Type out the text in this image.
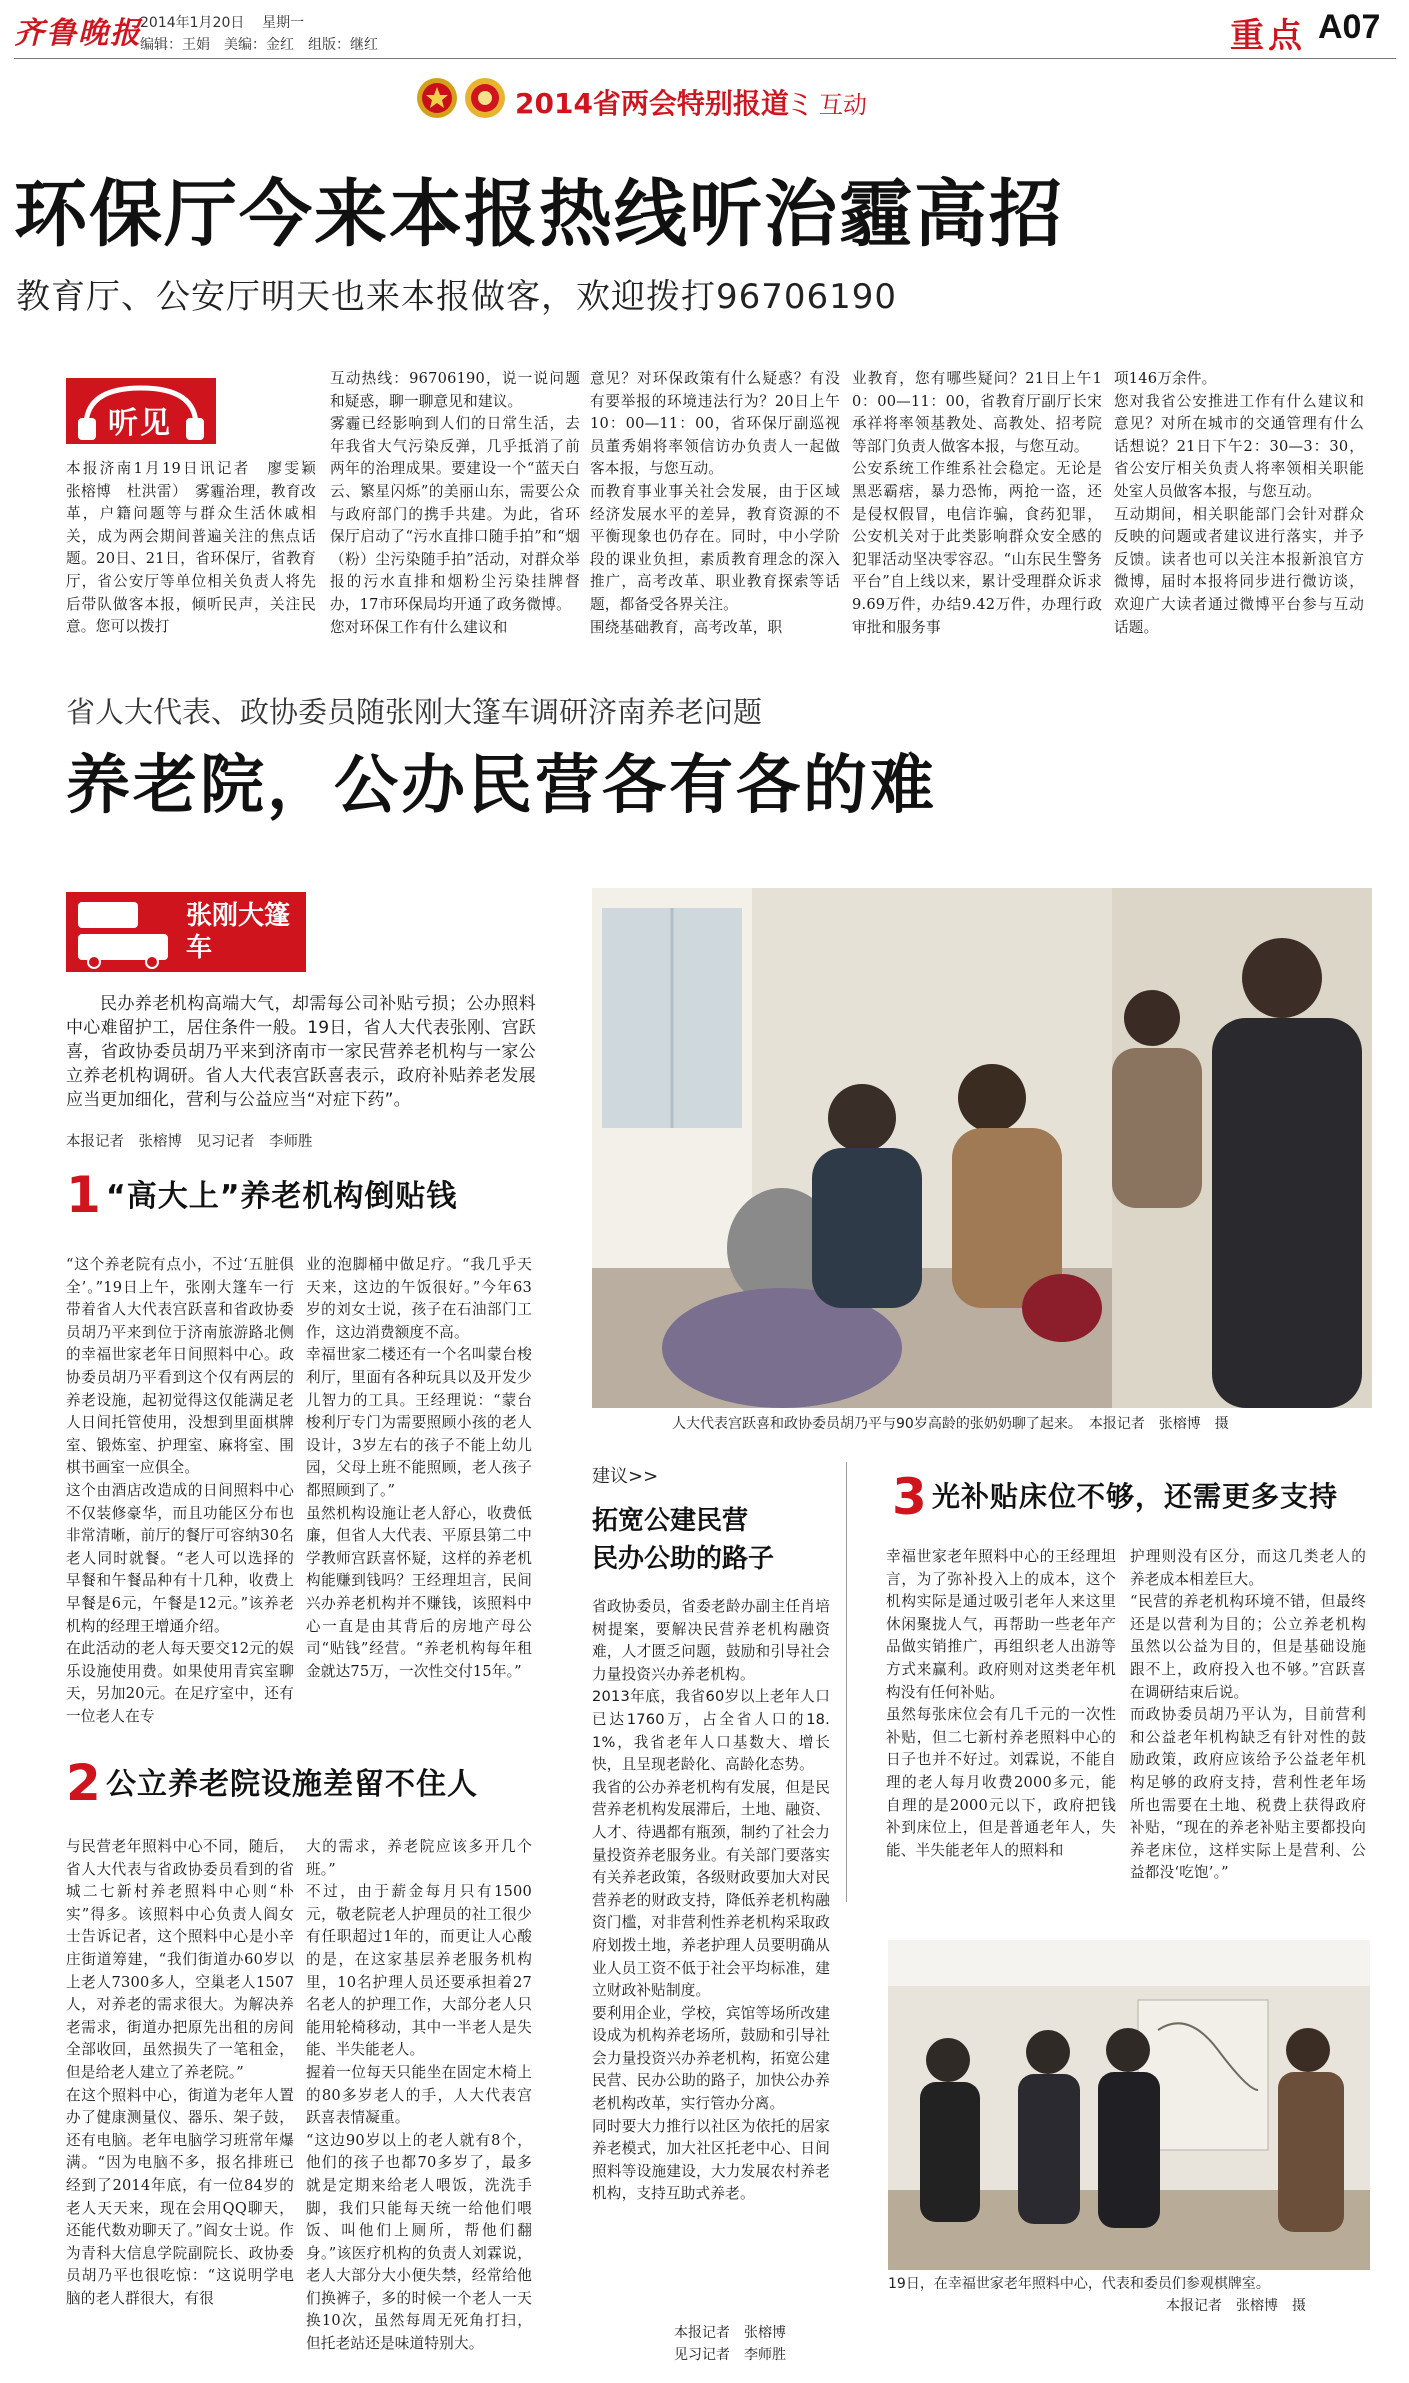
齐鲁晚报
2014年1月20日 星期一
编辑：王娟　美编：金红　组版：继红	重点 A07
2014省两会特别报道
ミ 互动
环保厅今来本报热线听治霾高招
教育厅、公安厅明天也来本报做客，欢迎拨打96706190
听见
本报济南1月19日讯记者　廖雯颖　张榕博　杜洪雷）　雾霾治理，教育改革，户籍问题等与群众生活休戚相关，成为两会期间普遍关注的焦点话题。20日、21日，省环保厅，省教育厅，省公安厅等单位相关负责人将先后带队做客本报，倾听民声，关注民意。您可以拨打
互动热线：96706190，说一说问题和疑惑，聊一聊意见和建议。
雾霾已经影响到人们的日常生活，去年我省大气污染反弹，几乎抵消了前两年的治理成果。要建设一个“蓝天白云、繁星闪烁”的美丽山东，需要公众与政府部门的携手共建。为此，省环保厅启动了“污水直排口随手拍”和“烟（粉）尘污染随手拍”活动，对群众举报的污水直排和烟粉尘污染挂牌督办，17市环保局均开通了政务微博。
您对环保工作有什么建议和
意见？对环保政策有什么疑惑？有没有要举报的环境违法行为？20日上午10：00—11：00，省环保厅副巡视员董秀娟将率领信访办负责人一起做客本报，与您互动。
而教育事业事关社会发展，由于区域经济发展水平的差异，教育资源的不平衡现象也仍存在。同时，中小学阶段的课业负担，素质教育理念的深入推广，高考改革、职业教育探索等话题，都备受各界关注。
围绕基础教育，高考改革，职
业教育，您有哪些疑问？21日上午10：00—11：00，省教育厅副厅长宋承祥将率领基教处、高教处、招考院等部门负责人做客本报，与您互动。
公安系统工作维系社会稳定。无论是黑恶霸痞，暴力恐怖，两抢一盗，还是侵权假冒，电信诈骗，食药犯罪，公安机关对于此类影响群众安全感的犯罪活动坚决零容忍。“山东民生警务平台”自上线以来，累计受理群众诉求9.69万件，办结9.42万件，办理行政审批和服务事
项146万余件。
您对我省公安推进工作有什么建议和意见？对所在城市的交通管理有什么话想说？21日下午2：30—3：30，省公安厅相关负责人将率领相关职能处室人员做客本报，与您互动。
互动期间，相关职能部门会针对群众反映的问题或者建议进行落实，并予反馈。读者也可以关注本报新浪官方微博，届时本报将同步进行微访谈，欢迎广大读者通过微博平台参与互动话题。
省人大代表、政协委员随张刚大篷车调研济南养老问题
养老院，公办民营各有各的难
张刚大篷车
民办养老机构高端大气，却需每公司补贴亏损；公办照料中心难留护工，居住条件一般。19日，省人大代表张刚、宫跃喜，省政协委员胡乃平来到济南市一家民营养老机构与一家公立养老机构调研。省人大代表宫跃喜表示，政府补贴养老发展应当更加细化，营利与公益应当“对症下药”。
本报记者　张榕博　见习记者　李师胜
1 “高大上”养老机构倒贴钱
“这个养老院有点小，不过‘五脏俱全’。”19日上午，张刚大篷车一行带着省人大代表宫跃喜和省政协委员胡乃平来到位于济南旅游路北侧的幸福世家老年日间照料中心。政协委员胡乃平看到这个仅有两层的养老设施，起初觉得这仅能满足老人日间托管使用，没想到里面棋牌室、锻炼室、护理室、麻将室、围棋书画室一应俱全。
这个由酒店改造成的日间照料中心不仅装修豪华，而且功能区分布也非常清晰，前厅的餐厅可容纳30名老人同时就餐。“老人可以选择的早餐和午餐品种有十几种，收费上早餐是6元，午餐是12元。”该养老机构的经理王增通介绍。
在此活动的老人每天要交12元的娱乐设施使用费。如果使用青宾室聊天，另加20元。在足疗室中，还有一位老人在专
业的泡脚桶中做足疗。“我几乎天天来，这边的午饭很好。”今年63岁的刘女士说，孩子在石油部门工作，这边消费额度不高。
幸福世家二楼还有一个名叫蒙台梭利厅，里面有各种玩具以及开发少儿智力的工具。王经理说：“蒙台梭利厅专门为需要照顾小孩的老人设计，3岁左右的孩子不能上幼儿园，父母上班不能照顾，老人孩子都照顾到了。”
虽然机构设施让老人舒心，收费低廉，但省人大代表、平原县第二中学教师宫跃喜怀疑，这样的养老机构能赚到钱吗？王经理坦言，民间兴办养老机构并不赚钱，该照料中心一直是由其背后的房地产母公司“贴钱”经营。“养老机构每年租金就达75万，一次性交付15年。”
2 公立养老院设施差留不住人
与民营老年照料中心不同，随后，省人大代表与省政协委员看到的省城二七新村养老照料中心则“朴实”得多。该照料中心负责人阎女士告诉记者，这个照料中心是小辛庄街道筹建，“我们街道办60岁以上老人7300多人，空巢老人1507人，对养老的需求很大。为解决养老需求，街道办把原先出租的房间全部收回，虽然损失了一笔租金，但是给老人建立了养老院。”
在这个照料中心，街道为老年人置办了健康测量仪、器乐、架子鼓，还有电脑。老年电脑学习班常年爆满。“因为电脑不多，报名排班已经到了2014年底，有一位84岁的老人天天来，现在会用QQ聊天，还能代数劝聊天了。”阎女士说。作为青科大信息学院副院长、政协委员胡乃平也很吃惊：“这说明学电脑的老人群很大，有很
大的需求，养老院应该多开几个班。”
不过，由于薪金每月只有1500元，敬老院老人护理员的社工很少有任职超过1年的，而更让人心酸的是，在这家基层养老服务机构里，10名护理人员还要承担着27名老人的护理工作，大部分老人只能用轮椅移动，其中一半老人是失能、半失能老人。
握着一位每天只能坐在固定木椅上的80多岁老人的手，人大代表宫跃喜表情凝重。
“这边90岁以上的老人就有8个，他们的孩子也都70多岁了，最多就是定期来给老人喂饭，洗洗手脚，我们只能每天统一给他们喂饭、叫他们上厕所，帮他们翻身。”该医疗机构的负责人刘霖说，老人大部分大小便失禁，经常给他们换裤子，多的时候一个老人一天换10次，虽然每周无死角打扫，但托老站还是味道特别大。
人大代表宫跃喜和政协委员胡乃平与90岁高龄的张奶奶聊了起来。　本报记者　张榕博　摄
建议>>
拓宽公建民营
民办公助的路子
省政协委员，省委老龄办副主任肖培树提案，要解决民营养老机构融资难，人才匮乏问题，鼓励和引导社会力量投资兴办养老机构。
2013年底，我省60岁以上老年人口已达1760万，占全省人口的18.1%，我省老年人口基数大、增长快，且呈现老龄化、高龄化态势。
我省的公办养老机构有发展，但是民营养老机构发展滞后，土地、融资、人才、待遇都有瓶颈，制约了社会力量投资养老服务业。有关部门要落实有关养老政策，各级财政要加大对民营养老的财政支持，降低养老机构融资门槛，对非营利性养老机构采取政府划拨土地，养老护理人员要明确从业人员工资不低于社会平均标准，建立财政补贴制度。
要利用企业，学校，宾馆等场所改建设成为机构养老场所，鼓励和引导社会力量投资兴办养老机构，拓宽公建民营、民办公助的路子，加快公办养老机构改革，实行管办分离。
同时要大力推行以社区为依托的居家养老模式，加大社区托老中心、日间照料等设施建设，大力发展农村养老机构，支持互助式养老。
本报记者　张榕博
见习记者　李师胜
3 光补贴床位不够，还需更多支持
幸福世家老年照料中心的王经理坦言，为了弥补投入上的成本，这个机构实际是通过吸引老年人来这里休闲聚拢人气，再帮助一些老年产品做实销推广，再组织老人出游等方式来赢利。政府则对这类老年机构没有任何补贴。
虽然每张床位会有几千元的一次性补贴，但二七新村养老照料中心的日子也并不好过。刘霖说，不能自理的老人每月收费2000多元，能自理的是2000元以下，政府把钱补到床位上，但是普通老年人，失能、半失能老年人的照料和
护理则没有区分，而这几类老人的养老成本相差巨大。
“民营的养老机构环境不错，但最终还是以营利为目的；公立养老机构虽然以公益为目的，但是基础设施跟不上，政府投入也不够。”宫跃喜在调研结束后说。
而政协委员胡乃平认为，目前营利和公益老年机构缺乏有针对性的鼓励政策，政府应该给予公益老年机构足够的政府支持，营利性老年场所也需要在土地、税费上获得政府补贴，“现在的养老补贴主要都投向养老床位，这样实际上是营利、公益都没‘吃饱’。”
19日，在幸福世家老年照料中心，代表和委员们参观棋牌室。
本报记者　张榕博　摄
